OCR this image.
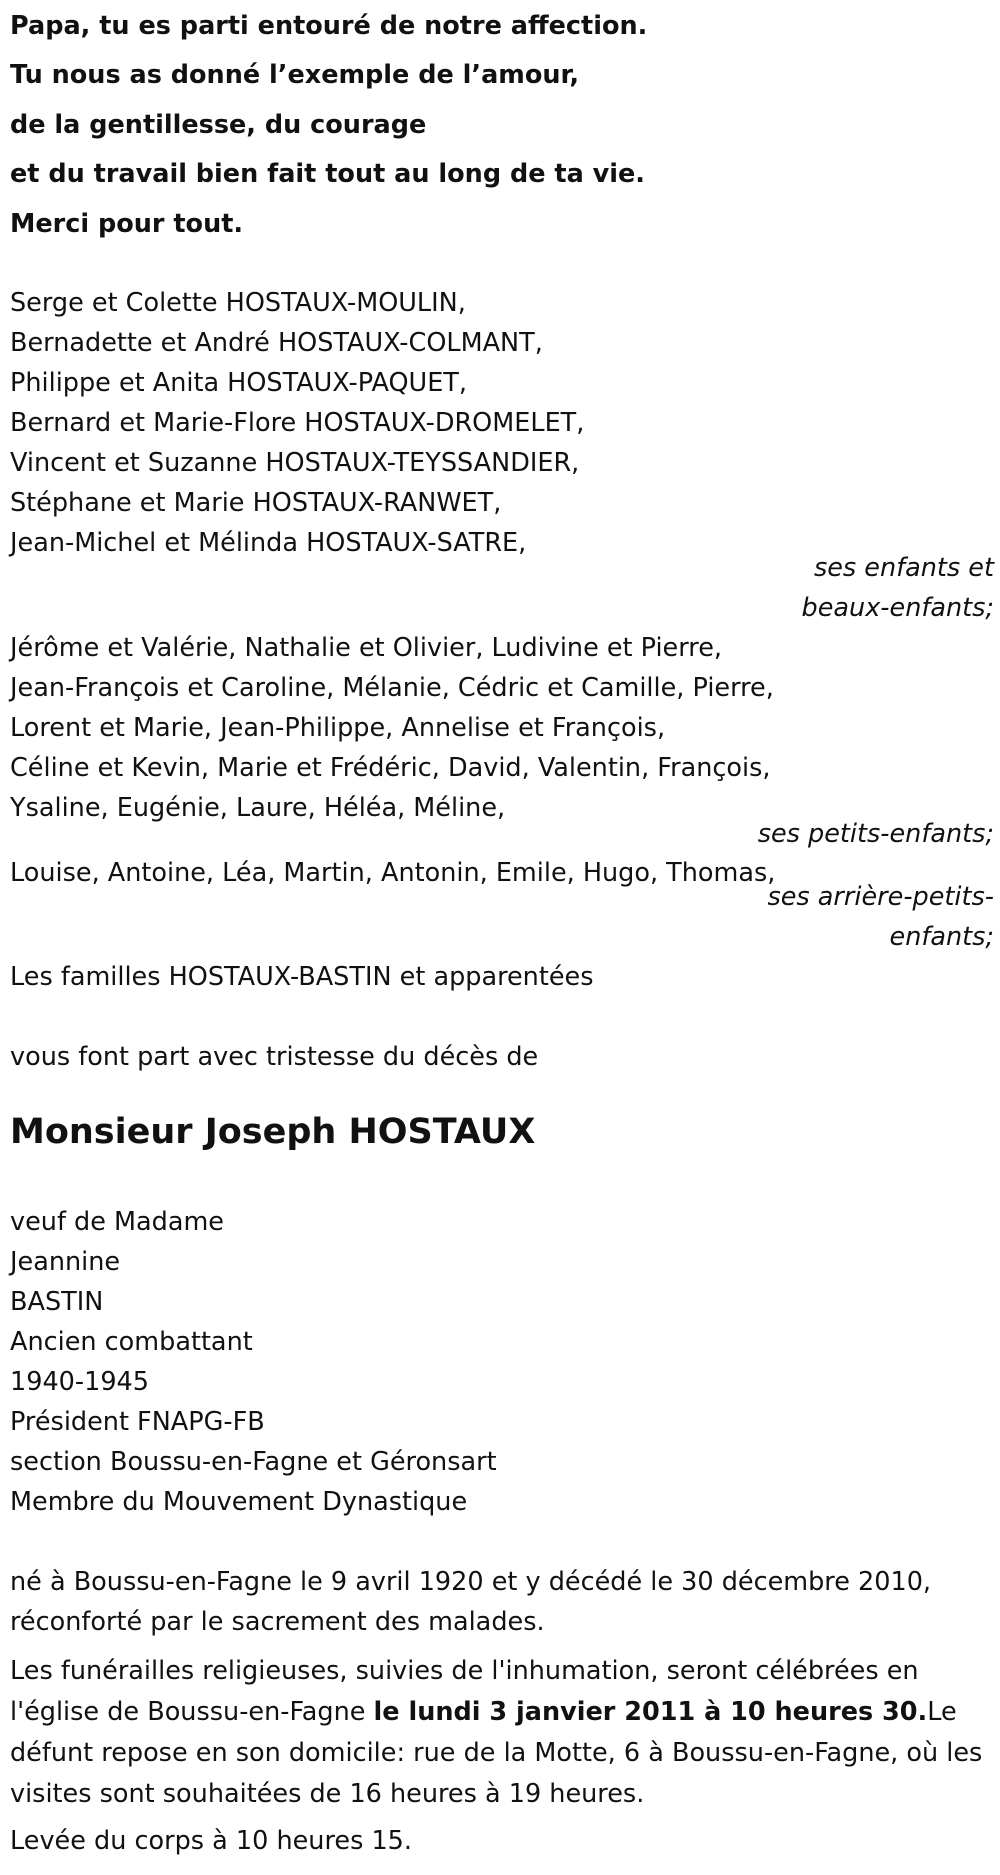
Papa, tu es parti entouré de notre affection.
Tu nous as donné l’exemple de l’amour,
de la gentillesse, du courage
et du travail bien fait tout au long de ta vie.
Merci pour tout.
Serge et Colette HOSTAUX-MOULIN,
Bernadette et André HOSTAUX-COLMANT,
Philippe et Anita HOSTAUX-PAQUET,
Bernard et Marie-Flore HOSTAUX-DROMELET,
Vincent et Suzanne HOSTAUX-TEYSSANDIER,
Stéphane et Marie HOSTAUX-RANWET,
Jean-Michel et Mélinda HOSTAUX-SATRE,
ses enfants et
beaux-enfants;
Jérôme et Valérie, Nathalie et Olivier, Ludivine et Pierre,
Jean-François et Caroline, Mélanie, Cédric et Camille, Pierre,
Lorent et Marie, Jean-Philippe, Annelise et François,
Céline et Kevin, Marie et Frédéric, David, Valentin, François,
Ysaline, Eugénie, Laure, Héléa, Méline,
ses petits-enfants;
Louise, Antoine, Léa, Martin, Antonin, Emile, Hugo, Thomas,
ses arrière-petits-
enfants;
Les familles HOSTAUX-BASTIN et apparentées
vous font part avec tristesse du décès de
Monsieur Joseph HOSTAUX
veuf de Madame
Jeannine
BASTIN
Ancien combattant
1940-1945
Président FNAPG-FB
section Boussu-en-Fagne et Géronsart
Membre du Mouvement Dynastique
né à Boussu-en-Fagne le 9 avril 1920 et y décédé le 30 décembre 2010, réconforté par le sacrement des malades.
Les funérailles religieuses, suivies de l'inhumation, seront célébrées en l'église de Boussu-en-Fagne le lundi 3 janvier 2011 à 10 heures 30.Le défunt repose en son domicile: rue de la Motte, 6 à Boussu-en-Fagne, où les visites sont souhaitées de 16 heures à 19 heures.
Levée du corps à 10 heures 15.
